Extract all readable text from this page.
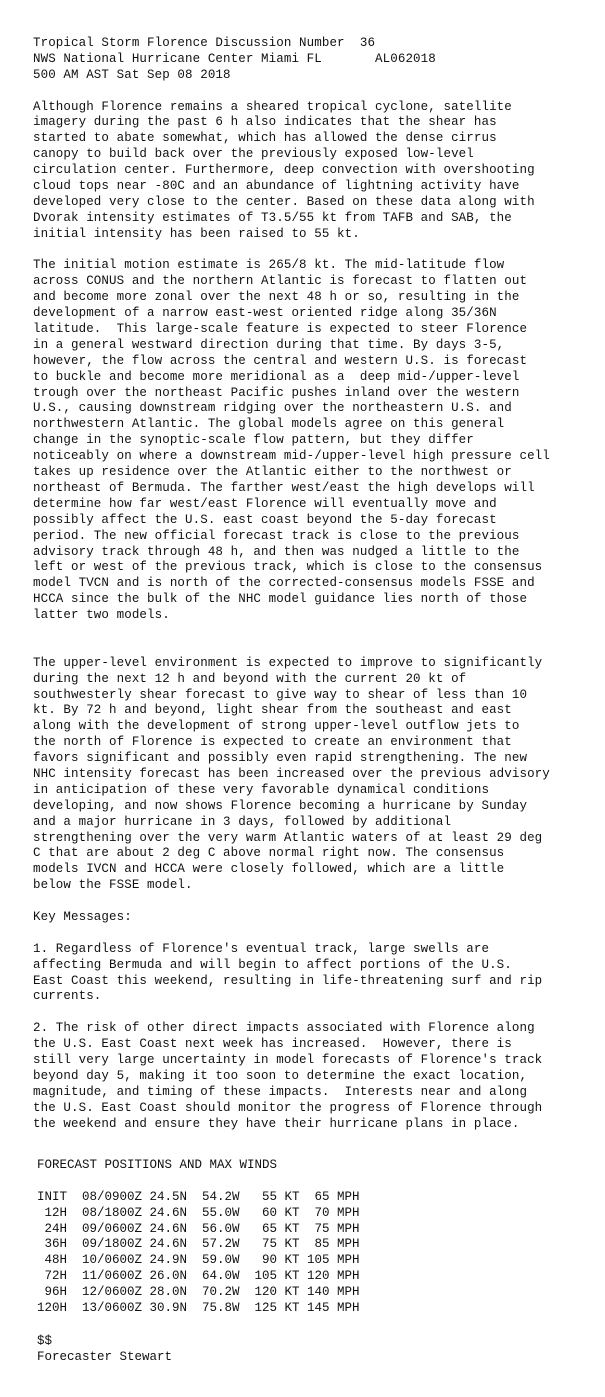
Tropical Storm Florence Discussion Number  36
NWS National Hurricane Center Miami FL       AL062018
500 AM AST Sat Sep 08 2018
Although Florence remains a sheared tropical cyclone, satellite
imagery during the past 6 h also indicates that the shear has
started to abate somewhat, which has allowed the dense cirrus
canopy to build back over the previously exposed low-level
circulation center. Furthermore, deep convection with overshooting
cloud tops near -80C and an abundance of lightning activity have
developed very close to the center. Based on these data along with
Dvorak intensity estimates of T3.5/55 kt from TAFB and SAB, the
initial intensity has been raised to 55 kt.
The initial motion estimate is 265/8 kt. The mid-latitude flow
across CONUS and the northern Atlantic is forecast to flatten out
and become more zonal over the next 48 h or so, resulting in the
development of a narrow east-west oriented ridge along 35/36N
latitude.  This large-scale feature is expected to steer Florence
in a general westward direction during that time. By days 3-5,
however, the flow across the central and western U.S. is forecast
to buckle and become more meridional as a  deep mid-/upper-level
trough over the northeast Pacific pushes inland over the western
U.S., causing downstream ridging over the northeastern U.S. and
northwestern Atlantic. The global models agree on this general
change in the synoptic-scale flow pattern, but they differ
noticeably on where a downstream mid-/upper-level high pressure cell
takes up residence over the Atlantic either to the northwest or
northeast of Bermuda. The farther west/east the high develops will
determine how far west/east Florence will eventually move and
possibly affect the U.S. east coast beyond the 5-day forecast
period. The new official forecast track is close to the previous
advisory track through 48 h, and then was nudged a little to the
left or west of the previous track, which is close to the consensus
model TVCN and is north of the corrected-consensus models FSSE and
HCCA since the bulk of the NHC model guidance lies north of those
latter two models.
The upper-level environment is expected to improve to significantly
during the next 12 h and beyond with the current 20 kt of
southwesterly shear forecast to give way to shear of less than 10
kt. By 72 h and beyond, light shear from the southeast and east
along with the development of strong upper-level outflow jets to
the north of Florence is expected to create an environment that
favors significant and possibly even rapid strengthening. The new
NHC intensity forecast has been increased over the previous advisory
in anticipation of these very favorable dynamical conditions
developing, and now shows Florence becoming a hurricane by Sunday
and a major hurricane in 3 days, followed by additional
strengthening over the very warm Atlantic waters of at least 29 deg
C that are about 2 deg C above normal right now. The consensus
models IVCN and HCCA were closely followed, which are a little
below the FSSE model.
Key Messages:
1. Regardless of Florence's eventual track, large swells are
affecting Bermuda and will begin to affect portions of the U.S.
East Coast this weekend, resulting in life-threatening surf and rip
currents.
2. The risk of other direct impacts associated with Florence along
the U.S. East Coast next week has increased.  However, there is
still very large uncertainty in model forecasts of Florence's track
beyond day 5, making it too soon to determine the exact location,
magnitude, and timing of these impacts.  Interests near and along
the U.S. East Coast should monitor the progress of Florence through
the weekend and ensure they have their hurricane plans in place.
FORECAST POSITIONS AND MAX WINDS
INIT  08/0900Z 24.5N  54.2W   55 KT  65 MPH
12H  08/1800Z 24.6N  55.0W   60 KT  70 MPH
24H  09/0600Z 24.6N  56.0W   65 KT  75 MPH
36H  09/1800Z 24.6N  57.2W   75 KT  85 MPH
48H  10/0600Z 24.9N  59.0W   90 KT 105 MPH
72H  11/0600Z 26.0N  64.0W  105 KT 120 MPH
96H  12/0600Z 28.0N  70.2W  120 KT 140 MPH
120H  13/0600Z 30.9N  75.8W  125 KT 145 MPH
$$
Forecaster Stewart
